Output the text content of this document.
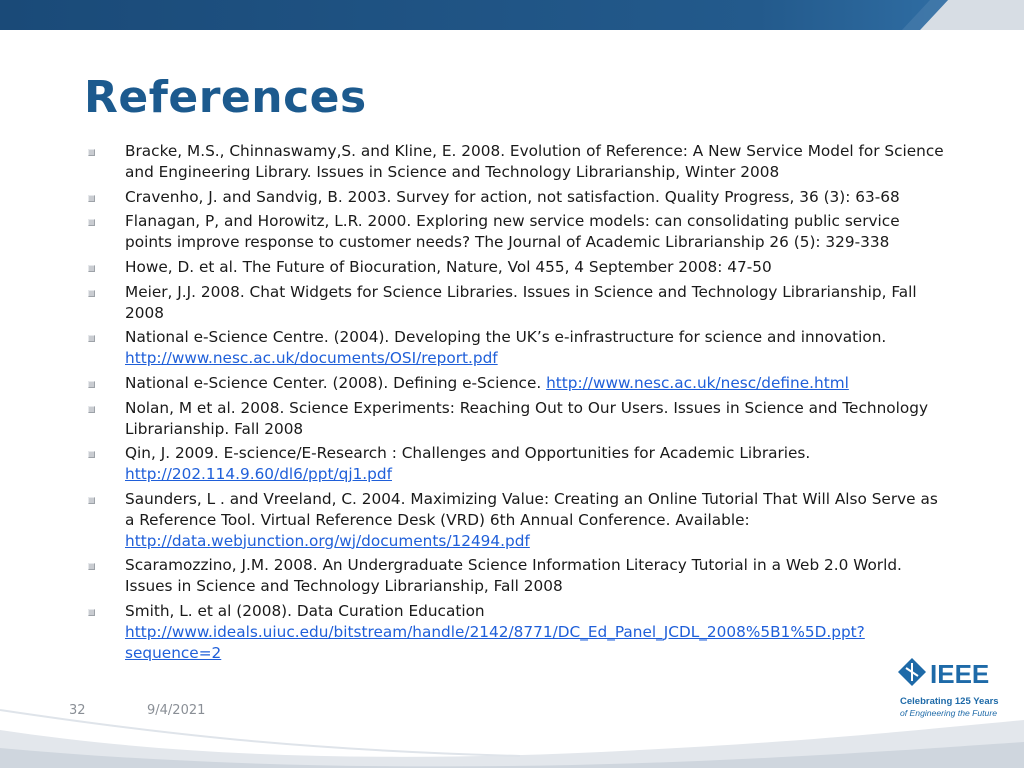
References
Bracke, M.S., Chinnaswamy,S. and Kline, E. 2008. Evolution of Reference: A New Service Model for Science and Engineering Library. Issues in Science and Technology Librarianship, Winter 2008
Cravenho, J. and Sandvig, B. 2003. Survey for action, not satisfaction. Quality Progress, 36 (3): 63-68
Flanagan, P, and Horowitz, L.R. 2000. Exploring new service models: can consolidating public service points improve response to customer needs? The Journal of Academic Librarianship 26 (5): 329-338
Howe, D. et al. The Future of Biocuration, Nature, Vol 455, 4 September 2008: 47-50
Meier, J.J. 2008. Chat Widgets for Science Libraries. Issues in Science and Technology Librarianship, Fall 2008
National e-Science Centre. (2004). Developing the UK’s e-infrastructure for science and innovation. http://www.nesc.ac.uk/documents/OSI/report.pdf
National e-Science Center. (2008). Defining e-Science. http://www.nesc.ac.uk/nesc/define.html
Nolan, M et al. 2008. Science Experiments: Reaching Out to Our Users. Issues in Science and Technology Librarianship. Fall 2008
Qin, J. 2009. E-science/E-Research : Challenges and Opportunities for Academic Libraries. http://202.114.9.60/dl6/ppt/qj1.pdf
Saunders, L . and Vreeland, C. 2004. Maximizing Value: Creating an Online Tutorial That Will Also Serve as a Reference Tool. Virtual Reference Desk (VRD) 6th Annual Conference. Available: http://data.webjunction.org/wj/documents/12494.pdf
Scaramozzino, J.M. 2008. An Undergraduate Science Information Literacy Tutorial in a Web 2.0 World. Issues in Science and Technology Librarianship, Fall 2008
Smith, L. et al (2008). Data Curation Education http://www.ideals.uiuc.edu/bitstream/handle/2142/8771/DC_Ed_Panel_JCDL_2008%5B1%5D.ppt?sequence=2
32	9/4/2021
IEEE
Celebrating 125 Years
of Engineering the Future
